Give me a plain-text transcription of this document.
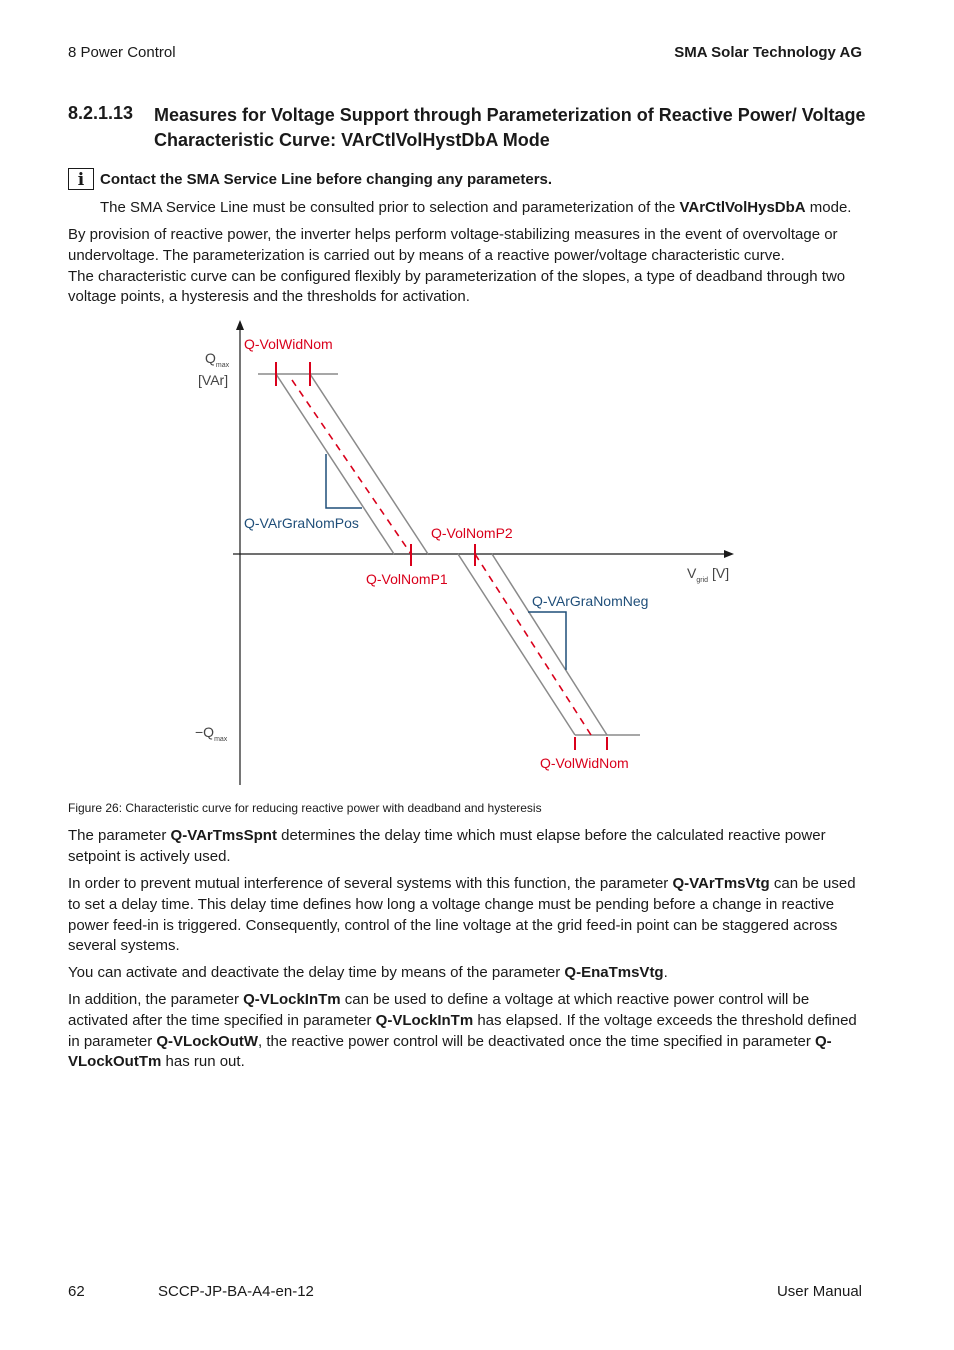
8 Power Control	SMA Solar Technology AG
8.2.1.13 Measures for Voltage Support through Parameterization of Reactive Power/ Voltage Characteristic Curve: VArCtlVolHystDbA Mode
i	Contact the SMA Service Line before changing any parameters.
The SMA Service Line must be consulted prior to selection and parameterization of the VArCtlVolHysDbA mode.

By provision of reactive power, the inverter helps perform voltage-stabilizing measures in the event of overvoltage or undervoltage. The parameterization is carried out by means of a reactive power/voltage characteristic curve.

The characteristic curve can be configured flexibly by parameterization of the slopes, a type of deadband through two voltage points, a hysteresis and the thresholds for activation.

$Q_{max}$
[VAr]
$-Q_{max}$
$V_{grid}$ [V]
Q-VolWidNom
Q-VArGraNomPos
Q-VolNomP2
Q-VolNomP1
Q-VArGraNomNeg
Q-VolWidNom
Figure 26: Characteristic curve for reducing reactive power with deadband and hysteresis

The parameter Q-VArTmsSpnt determines the delay time which must elapse before the calculated reactive power setpoint is actively used.

In order to prevent mutual interference of several systems with this function, the parameter Q-VArTmsVtg can be used to set a delay time. This delay time defines how long a voltage change must be pending before a change in reactive power feed-in is triggered. Consequently, control of the line voltage at the grid feed-in point can be staggered across several systems.

You can activate and deactivate the delay time by means of the parameter Q-EnaTmsVtg.

In addition, the parameter Q-VLockInTm can be used to define a voltage at which reactive power control will be activated after the time specified in parameter Q-VLockInTm has elapsed. If the voltage exceeds the threshold defined in parameter Q-VLockOutW, the reactive power control will be deactivated once the time specified in parameter Q-VLockOutTm has run out.

62	SCCP-JP-BA-A4-en-12	User Manual
